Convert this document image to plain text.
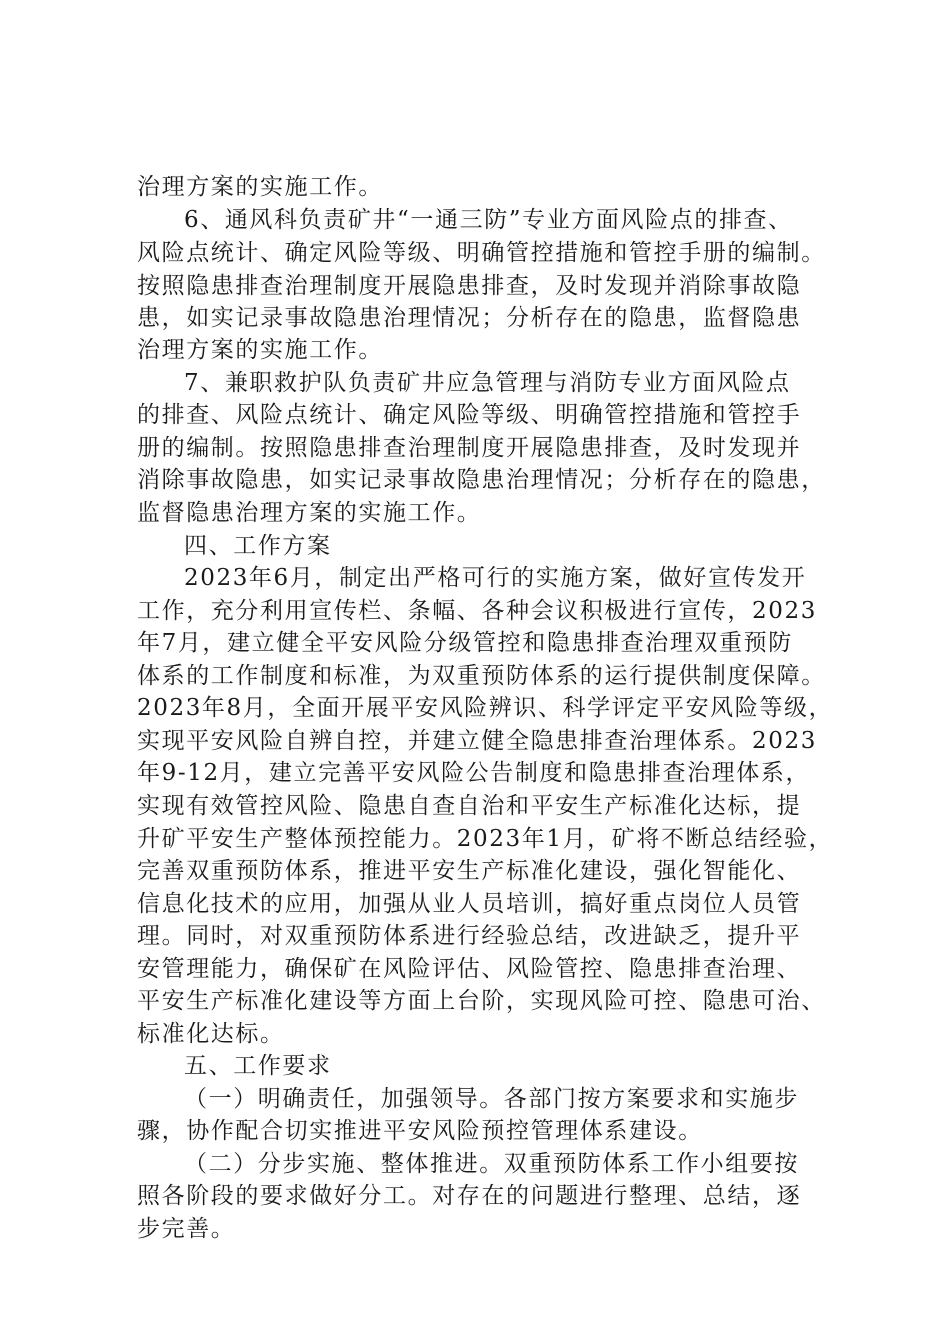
治理方案的实施工作。
6、通风科负责矿井“一通三防”专业方面风险点的排查、
风险点统计、确定风险等级、明确管控措施和管控手册的编制。
按照隐患排查治理制度开展隐患排查，及时发现并消除事故隐
患，如实记录事故隐患治理情况；分析存在的隐患，监督隐患
治理方案的实施工作。
7、兼职救护队负责矿井应急管理与消防专业方面风险点
的排查、风险点统计、确定风险等级、明确管控措施和管控手
册的编制。按照隐患排查治理制度开展隐患排查，及时发现并
消除事故隐患，如实记录事故隐患治理情况；分析存在的隐患，
监督隐患治理方案的实施工作。
四、工作方案
2023年6月，制定出严格可行的实施方案，做好宣传发开
工作，充分利用宣传栏、条幅、各种会议积极进行宣传，2023
年7月，建立健全平安风险分级管控和隐患排查治理双重预防
体系的工作制度和标准，为双重预防体系的运行提供制度保障。
2023年8月，全面开展平安风险辨识、科学评定平安风险等级，
实现平安风险自辨自控，并建立健全隐患排查治理体系。2023
年9-12月，建立完善平安风险公告制度和隐患排查治理体系，
实现有效管控风险、隐患自查自治和平安生产标准化达标，提
升矿平安生产整体预控能力。2023年1月，矿将不断总结经验，
完善双重预防体系，推进平安生产标准化建设，强化智能化、
信息化技术的应用，加强从业人员培训，搞好重点岗位人员管
理。同时，对双重预防体系进行经验总结，改进缺乏，提升平
安管理能力，确保矿在风险评估、风险管控、隐患排查治理、
平安生产标准化建设等方面上台阶，实现风险可控、隐患可治、
标准化达标。
五、工作要求
（一）明确责任，加强领导。各部门按方案要求和实施步
骤，协作配合切实推进平安风险预控管理体系建设。
（二）分步实施、整体推进。双重预防体系工作小组要按
照各阶段的要求做好分工。对存在的问题进行整理、总结，逐
步完善。
